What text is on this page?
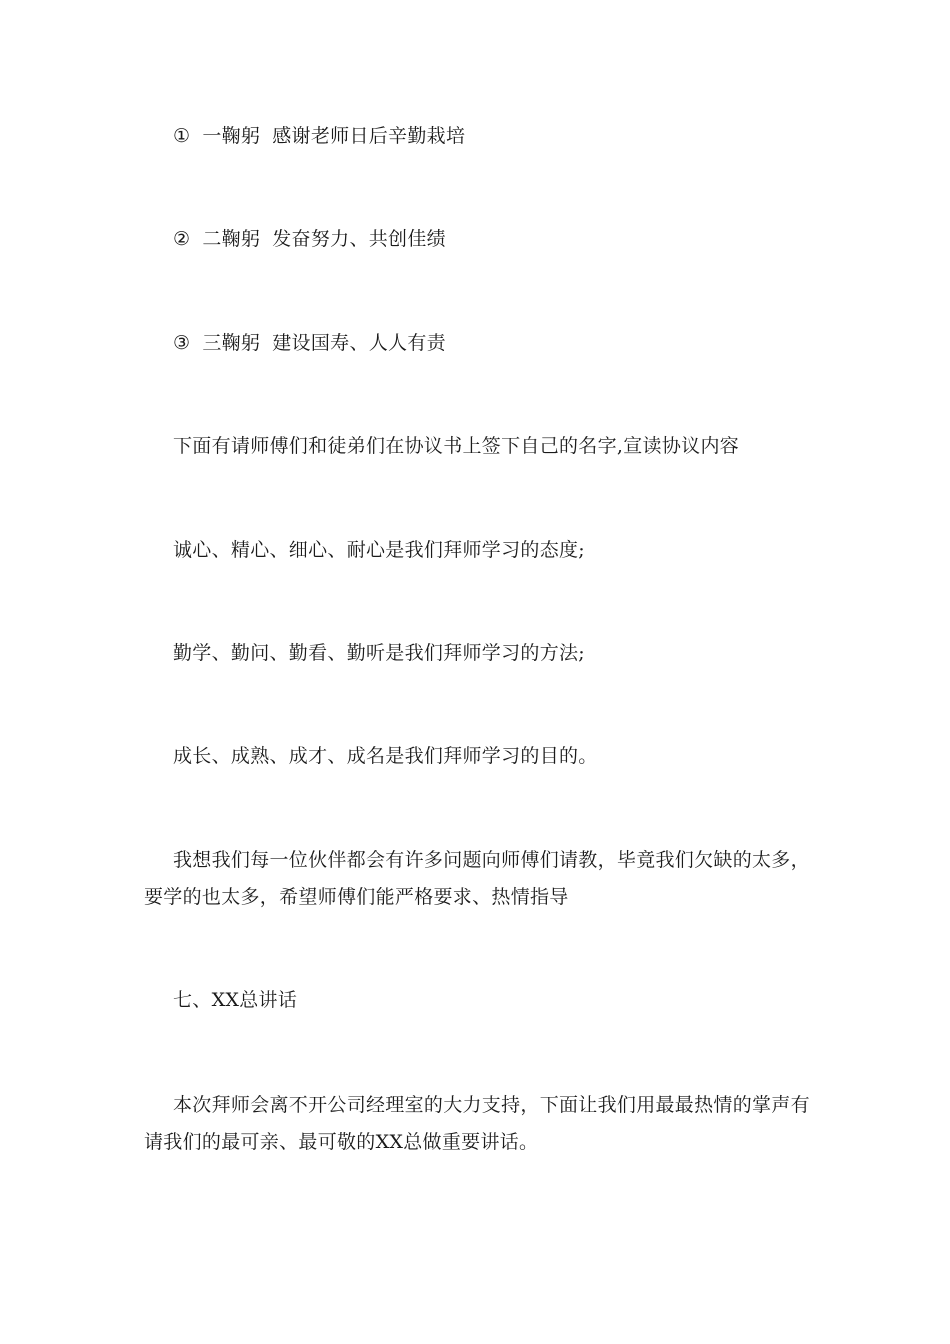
① 一鞠躬 感谢老师日后辛勤栽培
② 二鞠躬 发奋努力、共创佳绩
③ 三鞠躬 建设国寿、人人有责
下面有请师傅们和徒弟们在协议书上签下自己的名字,宣读协议内容
诚心、精心、细心、耐心是我们拜师学习的态度;
勤学、勤问、勤看、勤听是我们拜师学习的方法;
成长、成熟、成才、成名是我们拜师学习的目的。
我想我们每一位伙伴都会有许多问题向师傅们请教，毕竟我们欠缺的太多，
要学的也太多，希望师傅们能严格要求、热情指导
七、XX总讲话
本次拜师会离不开公司经理室的大力支持，下面让我们用最最热情的掌声有
请我们的最可亲、最可敬的XX总做重要讲话。
